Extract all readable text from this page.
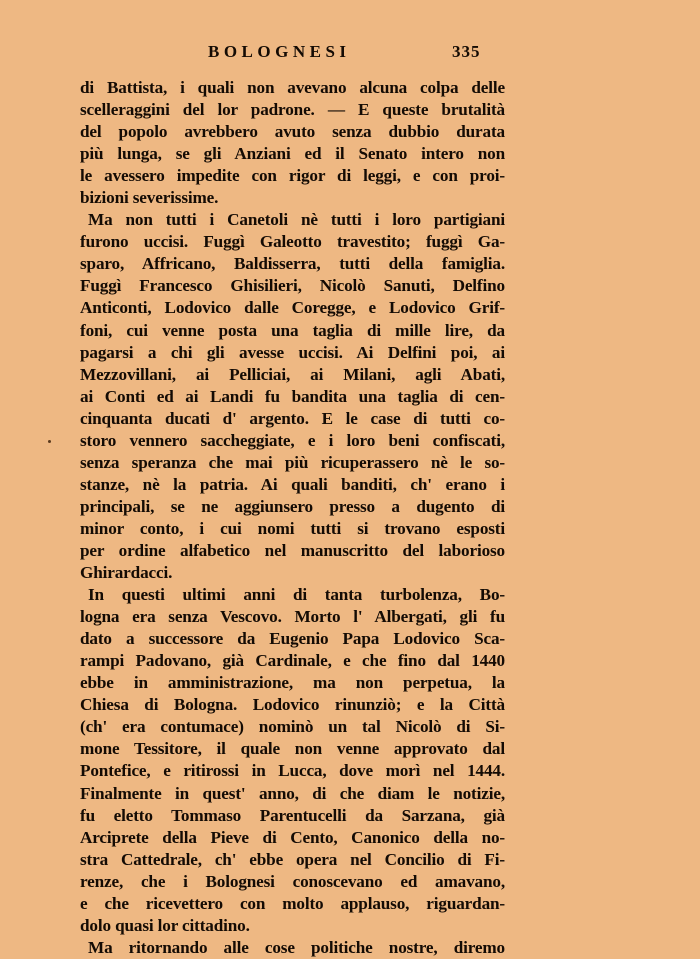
BOLOGNESI	335
di Battista, i quali non avevano alcuna colpa delle
scelleraggini del lor padrone. — E queste brutalità
del popolo avrebbero avuto senza dubbio durata
più lunga, se gli Anziani ed il Senato intero non
le avessero impedite con rigor di leggi, e con proi-
bizioni severissime.
Ma non tutti i Canetoli nè tutti i loro partigiani
furono uccisi. Fuggì Galeotto travestito; fuggì Ga-
sparo, Affricano, Baldisserra, tutti della famiglia.
Fuggì Francesco Ghisilieri, Nicolò Sanuti, Delfino
Anticonti, Lodovico dalle Coregge, e Lodovico Grif-
foni, cui venne posta una taglia di mille lire, da
pagarsi a chi gli avesse uccisi. Ai Delfini poi, ai
Mezzovillani, ai Pelliciai, ai Milani, agli Abati,
ai Conti ed ai Landi fu bandita una taglia di cen-
cinquanta ducati d' argento. E le case di tutti co-
storo vennero saccheggiate, e i loro beni confiscati,
senza speranza che mai più ricuperassero nè le so-
stanze, nè la patria. Ai quali banditi, ch' erano i
principali, se ne aggiunsero presso a dugento di
minor conto, i cui nomi tutti si trovano esposti
per ordine alfabetico nel manuscritto del laborioso
Ghirardacci.
In questi ultimi anni di tanta turbolenza, Bo-
logna era senza Vescovo. Morto l' Albergati, gli fu
dato a successore da Eugenio Papa Lodovico Sca-
rampi Padovano, già Cardinale, e che fino dal 1440
ebbe in amministrazione, ma non perpetua, la
Chiesa di Bologna. Lodovico rinunziò; e la Città
(ch' era contumace) nominò un tal Nicolò di Si-
mone Tessitore, il quale non venne approvato dal
Pontefice, e ritirossi in Lucca, dove morì nel 1444.
Finalmente in quest' anno, di che diam le notizie,
fu eletto Tommaso Parentucelli da Sarzana, già
Arciprete della Pieve di Cento, Canonico della no-
stra Cattedrale, ch' ebbe opera nel Concilio di Fi-
renze, che i Bolognesi conoscevano ed amavano,
e che ricevettero con molto applauso, riguardan-
dolo quasi lor cittadino.
Ma ritornando alle cose politiche nostre, diremo
